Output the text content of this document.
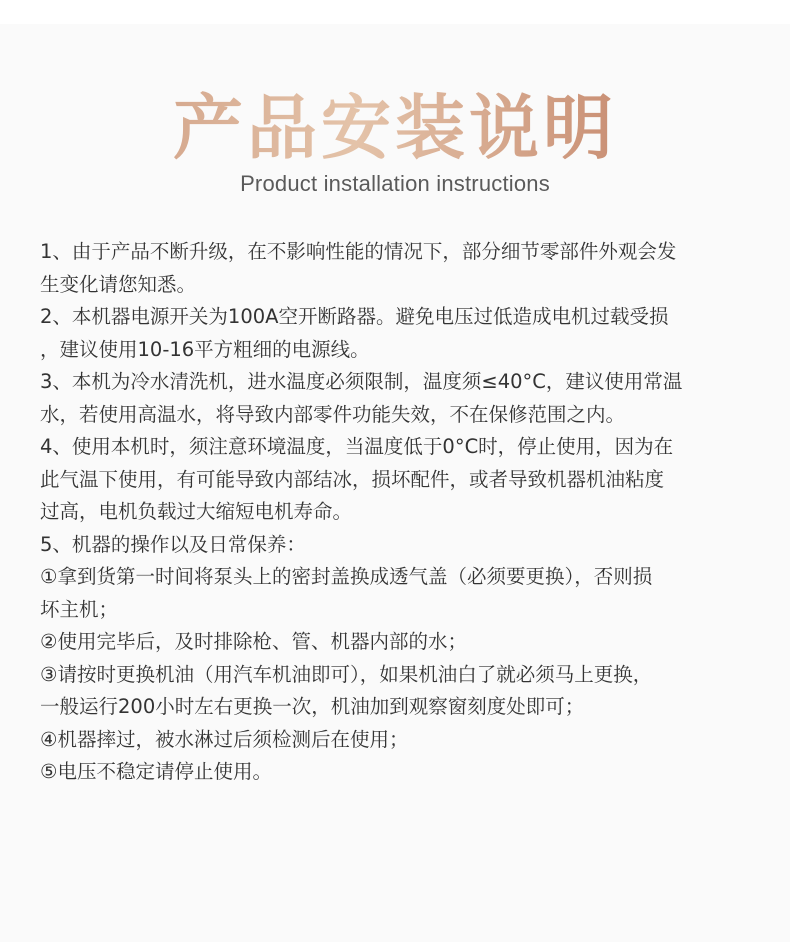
产品安装说明
Product installation instructions
1、由于产品不断升级，在不影响性能的情况下，部分细节零部件外观会发
生变化请您知悉。
2、本机器电源开关为100A空开断路器。避免电压过低造成电机过载受损
，建议使用10-16平方粗细的电源线。
3、本机为冷水清洗机，进水温度必须限制，温度须≤40°C，建议使用常温
水，若使用高温水，将导致内部零件功能失效，不在保修范围之内。
4、使用本机时，须注意环境温度，当温度低于0°C时，停止使用，因为在
此气温下使用，有可能导致内部结冰，损坏配件，或者导致机器机油粘度
过高，电机负载过大缩短电机寿命。
5、机器的操作以及日常保养：
①拿到货第一时间将泵头上的密封盖换成透气盖（必须要更换），否则损
坏主机；
②使用完毕后，及时排除枪、管、机器内部的水；
③请按时更换机油（用汽车机油即可），如果机油白了就必须马上更换，
一般运行200小时左右更换一次，机油加到观察窗刻度处即可；
④机器摔过，被水淋过后须检测后在使用；
⑤电压不稳定请停止使用。
